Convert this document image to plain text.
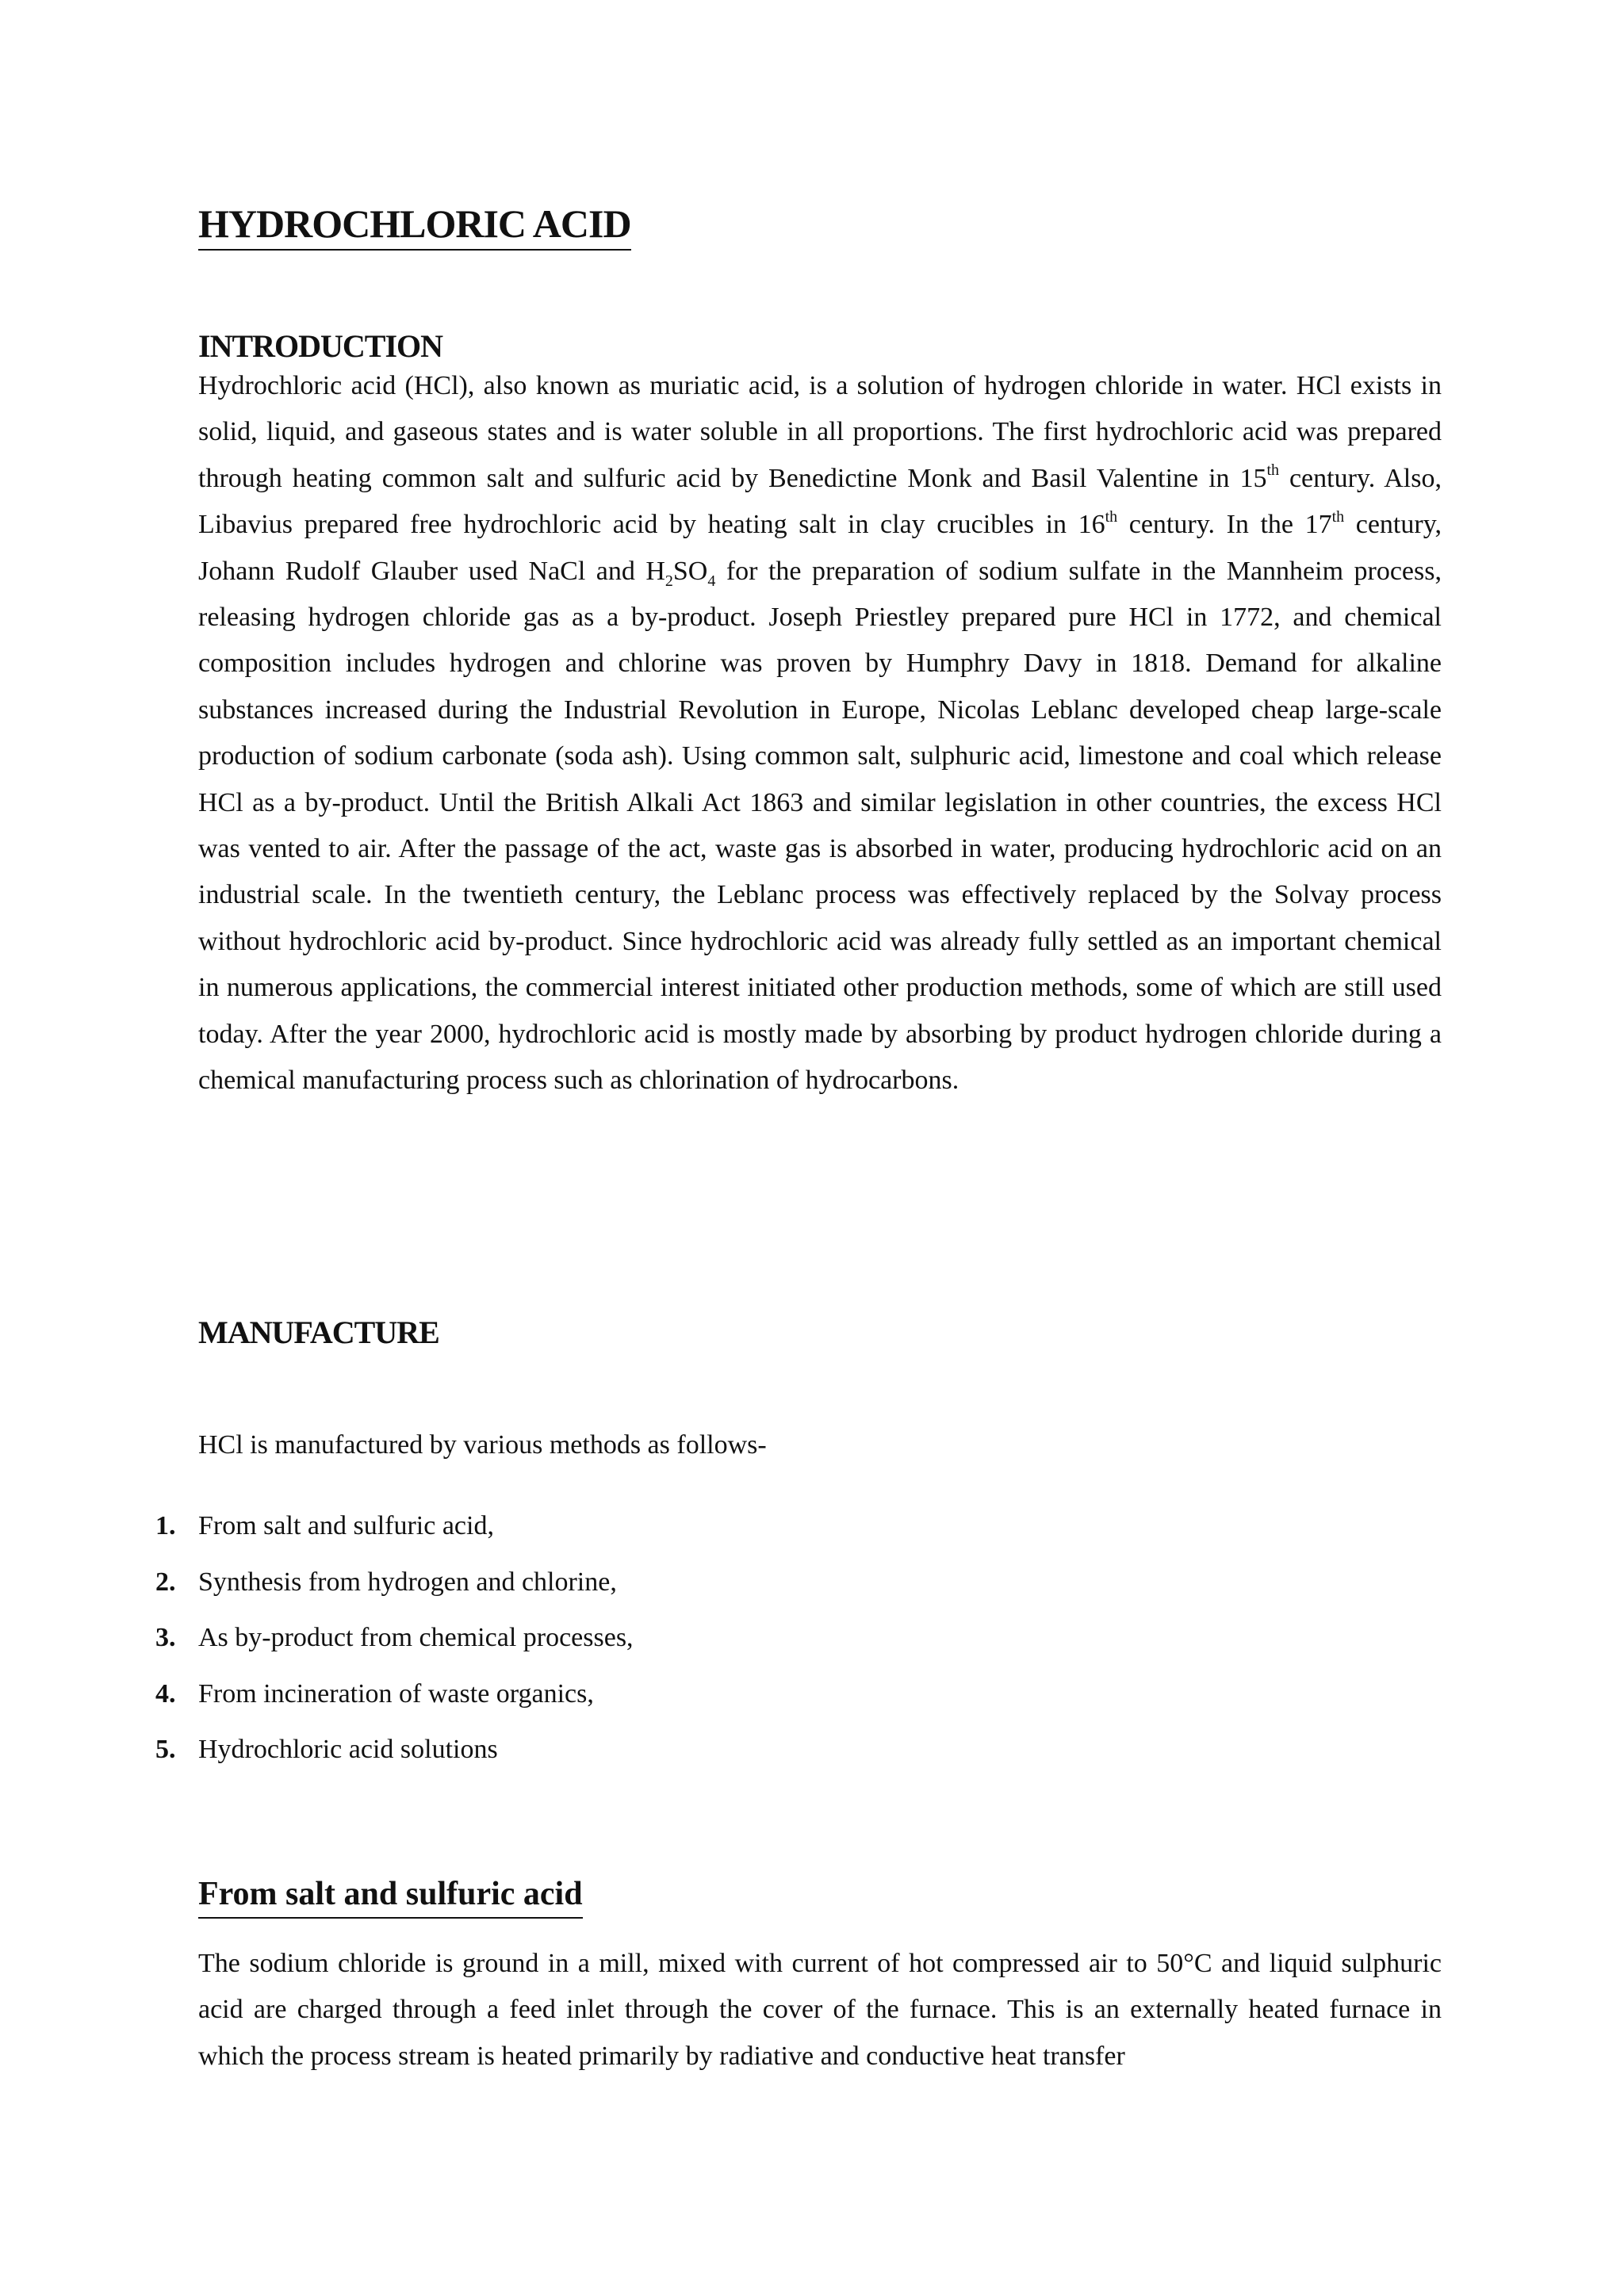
HYDROCHLORIC ACID
INTRODUCTION

Hydrochloric acid (HCl), also known as muriatic acid, is a solution of hydrogen chloride in water. HCl exists in solid, liquid, and gaseous states and is water soluble in all proportions. The first hydrochloric acid was prepared through heating common salt and sulfuric acid by Benedictine Monk and Basil Valentine in 15th century. Also, Libavius prepared free hydrochloric acid by heating salt in clay crucibles in 16th century. In the 17th century, Johann Rudolf Glauber used NaCl and $H_2SO_4$ for the preparation of sodium sulfate in the Mannheim process, releasing hydrogen chloride gas as a by-product. Joseph Priestley prepared pure HCl in 1772, and chemical composition includes hydrogen and chlorine was proven by Humphry Davy in 1818. Demand for alkaline substances increased during the Industrial Revolution in Europe, Nicolas Leblanc developed cheap large-scale production of sodium carbonate (soda ash). Using common salt, sulphuric acid, limestone and coal which release HCl as a by-product. Until the British Alkali Act 1863 and similar legislation in other countries, the excess HCl was vented to air. After the passage of the act, waste gas is absorbed in water, producing hydrochloric acid on an industrial scale. In the twentieth century, the Leblanc process was effectively replaced by the Solvay process without hydrochloric acid by-product. Since hydrochloric acid was already fully settled as an important chemical in numerous applications, the commercial interest initiated other production methods, some of which are still used today. After the year 2000, hydrochloric acid is mostly made by absorbing by product hydrogen chloride during a chemical manufacturing process such as chlorination of hydrocarbons.

MANUFACTURE

HCl is manufactured by various methods as follows-

1. From salt and sulfuric acid,
2. Synthesis from hydrogen and chlorine,
3. As by-product from chemical processes,
4. From incineration of waste organics,
5. Hydrochloric acid solutions
From salt and sulfuric acid

The sodium chloride is ground in a mill, mixed with current of hot compressed air to 50°C and liquid sulphuric acid are charged through a feed inlet through the cover of the furnace. This is an externally heated furnace in which the process stream is heated primarily by radiative and conductive heat transfer
